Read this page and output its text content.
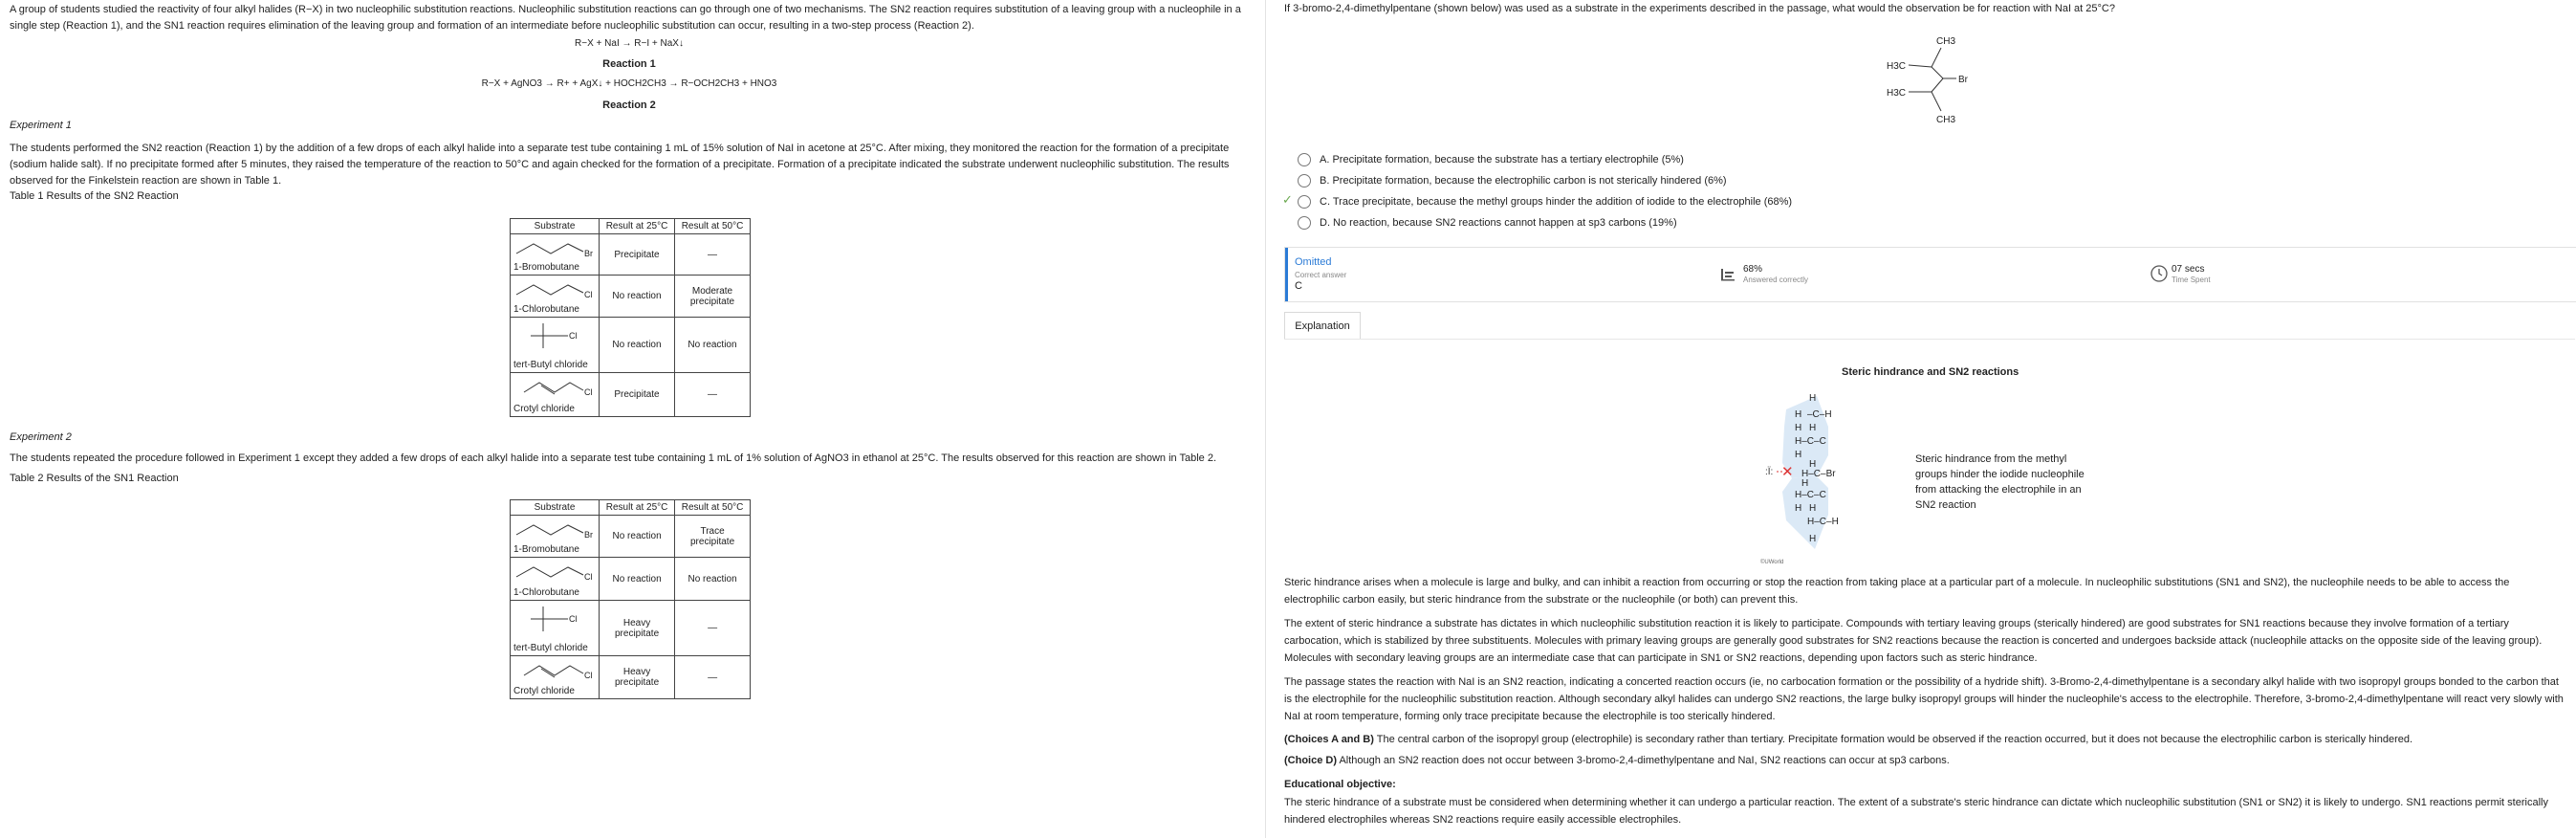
A group of students studied the reactivity of four alkyl halides (R−X) in two nucleophilic substitution reactions. Nucleophilic substitution reactions can go through one of two mechanisms. The SN2 reaction requires substitution of a leaving group with a nucleophile in a single step (Reaction 1), and the SN1 reaction requires elimination of the leaving group and formation of an intermediate before nucleophilic substitution can occur, resulting in a two-step process (Reaction 2).
R−X + NaI → R−I + NaX↓
Reaction 1
R−X + AgNO3 → R+ + AgX↓ + HOCH2CH3 → R−OCH2CH3 + HNO3
Reaction 2
Experiment 1
The students performed the SN2 reaction (Reaction 1) by the addition of a few drops of each alkyl halide into a separate test tube containing 1 mL of 15% solution of NaI in acetone at 25°C. After mixing, they monitored the reaction for the formation of a precipitate (sodium halide salt). If no precipitate formed after 5 minutes, they raised the temperature of the reaction to 50°C and again checked for the formation of a precipitate. Formation of a precipitate indicated the substrate underwent nucleophilic substitution. The results observed for the Finkelstein reaction are shown in Table 1.
Table 1 Results of the SN2 Reaction
Substrate	Result at 25°C	Result at 50°C

Br
1-Bromobutane	Precipitate	—

Cl
1-Chlorobutane	No reaction	Moderate precipitate

Cl
tert-Butyl chloride	No reaction	No reaction

Cl
Crotyl chloride	Precipitate	—
Experiment 2
The students repeated the procedure followed in Experiment 1 except they added a few drops of each alkyl halide into a separate test tube containing 1 mL of 1% solution of AgNO3 in ethanol at 25°C. The results observed for this reaction are shown in Table 2.
Table 2 Results of the SN1 Reaction
Substrate	Result at 25°C	Result at 50°C

Br
1-Bromobutane	No reaction	Trace precipitate

Cl
1-Chlorobutane	No reaction	No reaction

Cl
tert-Butyl chloride	Heavy precipitate	—

Cl
Crotyl chloride	Heavy precipitate	—
If 3-bromo-2,4-dimethylpentane (shown below) was used as a substrate in the experiments described in the passage, what would the observation be for reaction with NaI at 25°C?
CH3
H3C
Br
H3C
CH3
A. Precipitate formation, because the substrate has a tertiary electrophile (5%)
B. Precipitate formation, because the electrophilic carbon is not sterically hindered (6%)
✓	C. Trace precipitate, because the methyl groups hinder the addition of iodide to the electrophile (68%)
D. No reaction, because SN2 reactions cannot happen at sp3 carbons (19%)
Omitted
Correct answer
C
68%
Answered correctly
07 secs
Time Spent
Explanation
Steric hindrance and SN2 reactions
:Ï: ✕
H
H –C–H
H H
H–C–C
H
H
H–C–Br
H
H–C–C
H H
H–C–H
H
Steric hindrance from the methyl groups hinder the iodide nucleophile from attacking the electrophile in an SN2 reaction
©UWorld
Steric hindrance arises when a molecule is large and bulky, and can inhibit a reaction from occurring or stop the reaction from taking place at a particular part of a molecule. In nucleophilic substitutions (SN1 and SN2), the nucleophile needs to be able to access the electrophilic carbon easily, but steric hindrance from the substrate or the nucleophile (or both) can prevent this.
The extent of steric hindrance a substrate has dictates in which nucleophilic substitution reaction it is likely to participate. Compounds with tertiary leaving groups (sterically hindered) are good substrates for SN1 reactions because they involve formation of a tertiary carbocation, which is stabilized by three substituents. Molecules with primary leaving groups are generally good substrates for SN2 reactions because the reaction is concerted and undergoes backside attack (nucleophile attacks on the opposite side of the leaving group). Molecules with secondary leaving groups are an intermediate case that can participate in SN1 or SN2 reactions, depending upon factors such as steric hindrance.
The passage states the reaction with NaI is an SN2 reaction, indicating a concerted reaction occurs (ie, no carbocation formation or the possibility of a hydride shift). 3-Bromo-2,4-dimethylpentane is a secondary alkyl halide with two isopropyl groups bonded to the carbon that is the electrophile for the nucleophilic substitution reaction. Although secondary alkyl halides can undergo SN2 reactions, the large bulky isopropyl groups will hinder the nucleophile's access to the electrophile. Therefore, 3-bromo-2,4-dimethylpentane will react very slowly with NaI at room temperature, forming only trace precipitate because the electrophile is too sterically hindered.
(Choices A and B) The central carbon of the isopropyl group (electrophile) is secondary rather than tertiary. Precipitate formation would be observed if the reaction occurred, but it does not because the electrophilic carbon is sterically hindered.
(Choice D) Although an SN2 reaction does not occur between 3-bromo-2,4-dimethylpentane and NaI, SN2 reactions can occur at sp3 carbons.
Educational objective:
The steric hindrance of a substrate must be considered when determining whether it can undergo a particular reaction. The extent of a substrate's steric hindrance can dictate which nucleophilic substitution (SN1 or SN2) it is likely to undergo. SN1 reactions permit sterically hindered electrophiles whereas SN2 reactions require easily accessible electrophiles.
